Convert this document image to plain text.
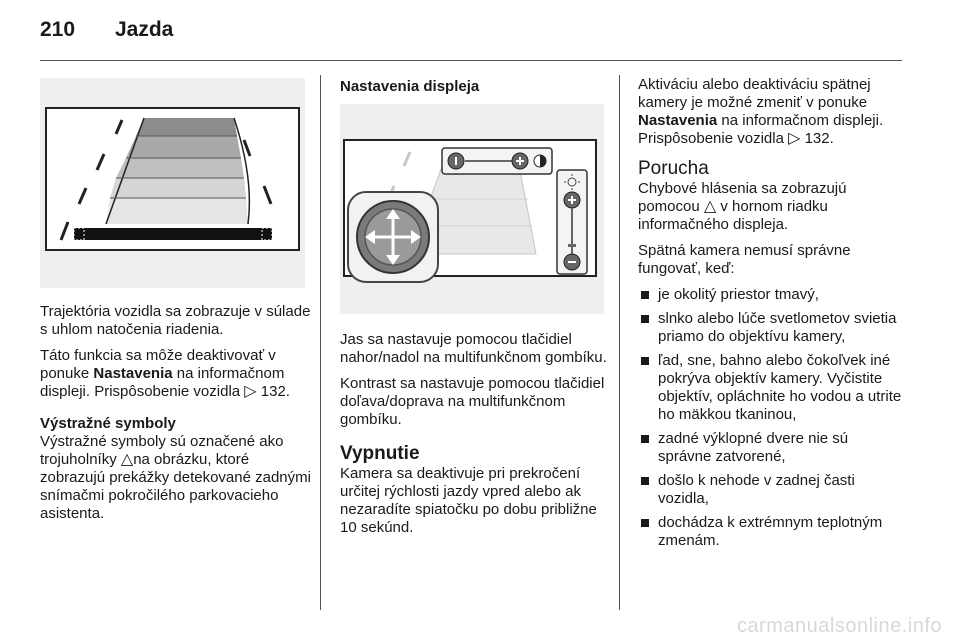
210 Jazda

Trajektória vozidla sa zobrazuje v súlade s uhlom natočenia riadenia.

Táto funkcia sa môže deaktivovať v ponuke Nastavenia na informačnom displeji. Prispôsobenie vozidla ▷ 132.

Výstražné symboly

Výstražné symboly sú označené ako trojuholníky △na obrázku, ktoré zobrazujú prekážky detekované zadnými snímačmi pokročilého parkovacieho asistenta.

Nastavenia displeja

Jas sa nastavuje pomocou tlačidiel nahor/nadol na multifunkčnom gombíku.

Kontrast sa nastavuje pomocou tlačidiel doľava/doprava na multifunkčnom gombíku.

Vypnutie

Kamera sa deaktivuje pri prekročení určitej rýchlosti jazdy vpred alebo ak nezaradíte spiatočku po dobu približne 10 sekúnd.

Aktiváciu alebo deaktiváciu spätnej kamery je možné zmeniť v ponuke Nastavenia na informačnom displeji. Prispôsobenie vozidla ▷ 132.

Porucha

Chybové hlásenia sa zobrazujú pomocou △ v hornom riadku informačného displeja.

Spätná kamera nemusí správne fungovať, keď:

je okolitý priestor tmavý,
slnko alebo lúče svetlometov svietia priamo do objektívu kamery,
ľad, sne, bahno alebo čokoľvek iné pokrýva objektív kamery. Vyčistite objektív, opláchnite ho vodou a utrite ho mäkkou tkaninou,
zadné výklopné dvere nie sú správne zatvorené,
došlo k nehode v zadnej časti vozidla,
dochádza k extrémnym teplotným zmenám.
carmanualsonline.info
